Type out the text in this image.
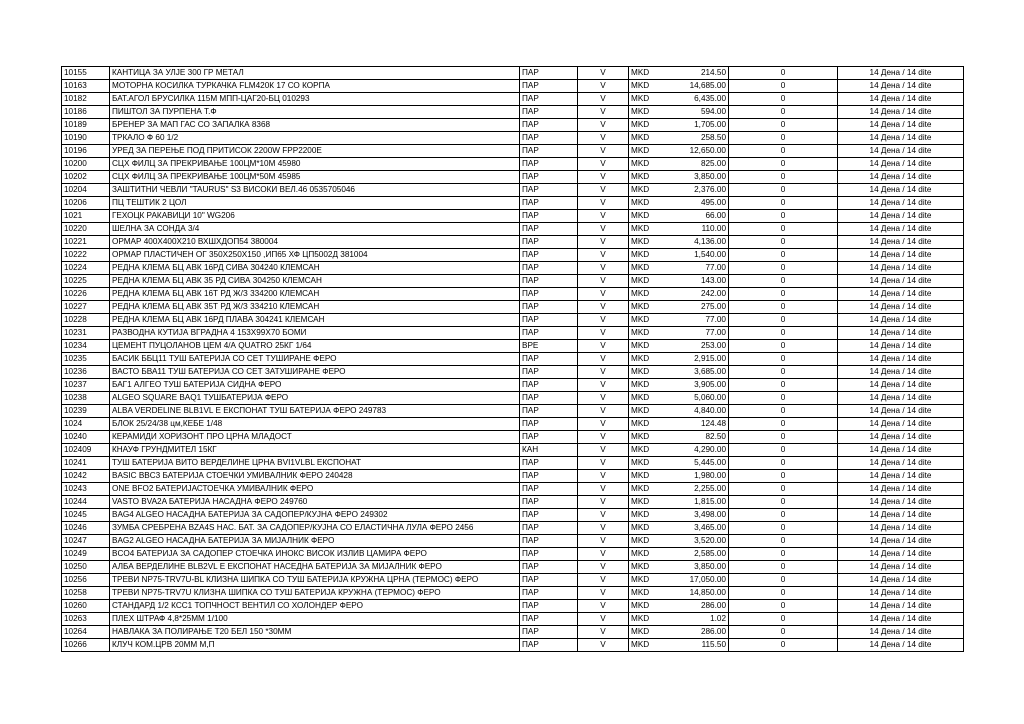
10155	КАНТИЦА ЗА УЛЈЕ 300 ГР МЕТАЛ	ПАР	V	MKD	214.50	0	14 Дена / 14 dite
10163	МОТОРНА КОСИЛКА ТУРКАЧКА FLM420К 17 СО КОРПА	ПАР	V	MKD	14,685.00	0	14 Дена / 14 dite
10182	БАТ.АГОЛ БРУСИЛКА 115М МПП-ЦАГ20-БЦ 010293	ПАР	V	MKD	6,435.00	0	14 Дена / 14 dite
10186	ПИШТОЛ ЗА ПУРПЕНА Т.Ф	ПАР	V	MKD	594.00	0	14 Дена / 14 dite
10189	БРЕНЕР ЗА МАП ГАС СО ЗАПАЛКА 8368	ПАР	V	MKD	1,705.00	0	14 Дена / 14 dite
10190	ТРКАЛО Ф 60 1/2	ПАР	V	MKD	258.50	0	14 Дена / 14 dite
10196	УРЕД ЗА ПЕРЕЊЕ ПОД ПРИТИСОК 2200W FPP2200E	ПАР	V	MKD	12,650.00	0	14 Дена / 14 dite
10200	СЦХ ФИЛЦ ЗА ПРЕКРИВАЊЕ 100ЦМ*10М 45980	ПАР	V	MKD	825.00	0	14 Дена / 14 dite
10202	СЦХ ФИЛЦ ЗА ПРЕКРИВАЊЕ 100ЦМ*50М 45985	ПАР	V	MKD	3,850.00	0	14 Дена / 14 dite
10204	ЗАШТИТНИ ЧЕВЛИ "TAURUS" S3 ВИСОКИ ВЕЛ.46 0535705046	ПАР	V	MKD	2,376.00	0	14 Дена / 14 dite
10206	ПЦ ТЕШТИК 2 ЦОЛ	ПАР	V	MKD	495.00	0	14 Дена / 14 dite
1021	ГЕХОЦК РАКАВИЦИ 10" WG206	ПАР	V	MKD	66.00	0	14 Дена / 14 dite
10220	ШЕЛНА ЗА СОНДА 3/4	ПАР	V	MKD	110.00	0	14 Дена / 14 dite
10221	ОРМАР 400Х400Х210 ВХШХДОП54 380004	ПАР	V	MKD	4,136.00	0	14 Дена / 14 dite
10222	ОРМАР ПЛАСТИЧЕН ОГ 350Х250Х150 ,ИП65 ХФ ЦП5002Д 381004	ПАР	V	MKD	1,540.00	0	14 Дена / 14 dite
10224	РЕДНА КЛЕМА БЦ АВК 16РД СИВА 304240 КЛЕМСАН	ПАР	V	MKD	77.00	0	14 Дена / 14 dite
10225	РЕДНА КЛЕМА БЦ АВК 35 РД СИВА 304250 КЛЕМСАН	ПАР	V	MKD	143.00	0	14 Дена / 14 dite
10226	РЕДНА КЛЕМА БЦ АВК 16Т РД Ж/З 334200 КЛЕМСАН	ПАР	V	MKD	242.00	0	14 Дена / 14 dite
10227	РЕДНА КЛЕМА БЦ АВК 35Т РД Ж/З 334210 КЛЕМСАН	ПАР	V	MKD	275.00	0	14 Дена / 14 dite
10228	РЕДНА КЛЕМА БЦ АВК 16РД ПЛАВА 304241 КЛЕМСАН	ПАР	V	MKD	77.00	0	14 Дена / 14 dite
10231	РАЗВОДНА КУТИЈА ВГРАДНА 4 153Х99Х70 БОМИ	ПАР	V	MKD	77.00	0	14 Дена / 14 dite
10234	ЦЕМЕНТ ПУЦОЛАНОВ ЦЕМ 4/А QUATRO 25КГ 1/64	ВРЕ	V	MKD	253.00	0	14 Дена / 14 dite
10235	БАСИК ББЦ11 ТУШ БАТЕРИЈА СО СЕТ ТУШИРАНЕ ФЕРО	ПАР	V	MKD	2,915.00	0	14 Дена / 14 dite
10236	ВАСТО БВА11 ТУШ БАТЕРИЈА СО СЕТ ЗАТУШИРАНЕ ФЕРО	ПАР	V	MKD	3,685.00	0	14 Дена / 14 dite
10237	БАГ1 АЛГЕО ТУШ БАТЕРИЈА СИДНА ФЕРО	ПАР	V	MKD	3,905.00	0	14 Дена / 14 dite
10238	ALGEO SQUARE BAQ1 ТУШБАТЕРИЈА ФЕРО	ПАР	V	MKD	5,060.00	0	14 Дена / 14 dite
10239	ALBA VERDELINE BLB1VL E ЕКСПОНАТ ТУШ БАТЕРИЈА ФЕРО 249783	ПАР	V	MKD	4,840.00	0	14 Дена / 14 dite
1024	БЛОК 25/24/38 цм,КЕБЕ 1/48	ПАР	V	MKD	124.48	0	14 Дена / 14 dite
10240	КЕРАМИДИ ХОРИЗОНТ ПРО ЦРНА МЛАДОСТ	ПАР	V	MKD	82.50	0	14 Дена / 14 dite
102409	КНАУФ ГРУНДМИТЕЛ 15КГ	КАН	V	MKD	4,290.00	0	14 Дена / 14 dite
10241	ТУШ БАТЕРИЈА ВИТО ВЕРДЕЛИНЕ ЦРНА BVI1VLBL ЕКСПОНАТ	ПАР	V	MKD	5,445.00	0	14 Дена / 14 dite
10242	BASIC BBC3 БАТЕРИЈА СТОЕЧКИ УМИВАЛНИК ФЕРО 240428	ПАР	V	MKD	1,980.00	0	14 Дена / 14 dite
10243	ONE BFO2 БАТЕРИЈАСТОЕЧКА УМИВАЛНИК ФЕРО	ПАР	V	MKD	2,255.00	0	14 Дена / 14 dite
10244	VASTO BVA2A БАТЕРИЈА НАСАДНА ФЕРО 249760	ПАР	V	MKD	1,815.00	0	14 Дена / 14 dite
10245	BAG4 ALGEO НАСАДНА БАТЕРИЈА ЗА САДОПЕР/КУЈНА ФЕРО 249302	ПАР	V	MKD	3,498.00	0	14 Дена / 14 dite
10246	ЗУМБА СРЕБРЕНА BZA4S НАС. БАТ. ЗА САДОПЕР/КУЈНА СО ЕЛАСТИЧНА ЛУЛА ФЕРО 2456	ПАР	V	MKD	3,465.00	0	14 Дена / 14 dite
10247	BAG2 ALGEO НАСАДНА БАТЕРИЈА ЗА МИЈАЛНИК ФЕРО	ПАР	V	MKD	3,520.00	0	14 Дена / 14 dite
10249	BCO4 БАТЕРИЈА ЗА САДОПЕР СТОЕЧКА ИНОКС ВИСОК ИЗЛИВ ЦАМИРА ФЕРО	ПАР	V	MKD	2,585.00	0	14 Дена / 14 dite
10250	АЛБА ВЕРДЕЛИНЕ BLB2VL E ЕКСПОНАТ НАСЕДНА БАТЕРИЈА ЗА МИЈАЛНИК ФЕРО	ПАР	V	MKD	3,850.00	0	14 Дена / 14 dite
10256	ТРЕВИ NP75-TRV7U-BL КЛИЗНА ШИПКА СО ТУШ БАТЕРИЈА КРУЖНА ЦРНА (ТЕРМОС) ФЕРО	ПАР	V	MKD	17,050.00	0	14 Дена / 14 dite
10258	ТРЕВИ NP75-TRV7U КЛИЗНА ШИПКА СО ТУШ БАТЕРИЈА КРУЖНА (ТЕРМОС) ФЕРО	ПАР	V	MKD	14,850.00	0	14 Дена / 14 dite
10260	СТАНДАРД 1/2 КСС1 ТОПЧНОСТ ВЕНТИЛ СО ХОЛОНДЕР ФЕРО	ПАР	V	MKD	286.00	0	14 Дена / 14 dite
10263	ПЛЕХ ШТРАФ 4,8*25ММ 1/100	ПАР	V	MKD	1.02	0	14 Дена / 14 dite
10264	НАВЛАКА ЗА ПОЛИРАЊЕ Т20 БЕЛ 150 *30ММ	ПАР	V	MKD	286.00	0	14 Дена / 14 dite
10266	КЛУЧ КОМ.ЦРВ 20ММ М,П	ПАР	V	MKD	115.50	0	14 Дена / 14 dite
